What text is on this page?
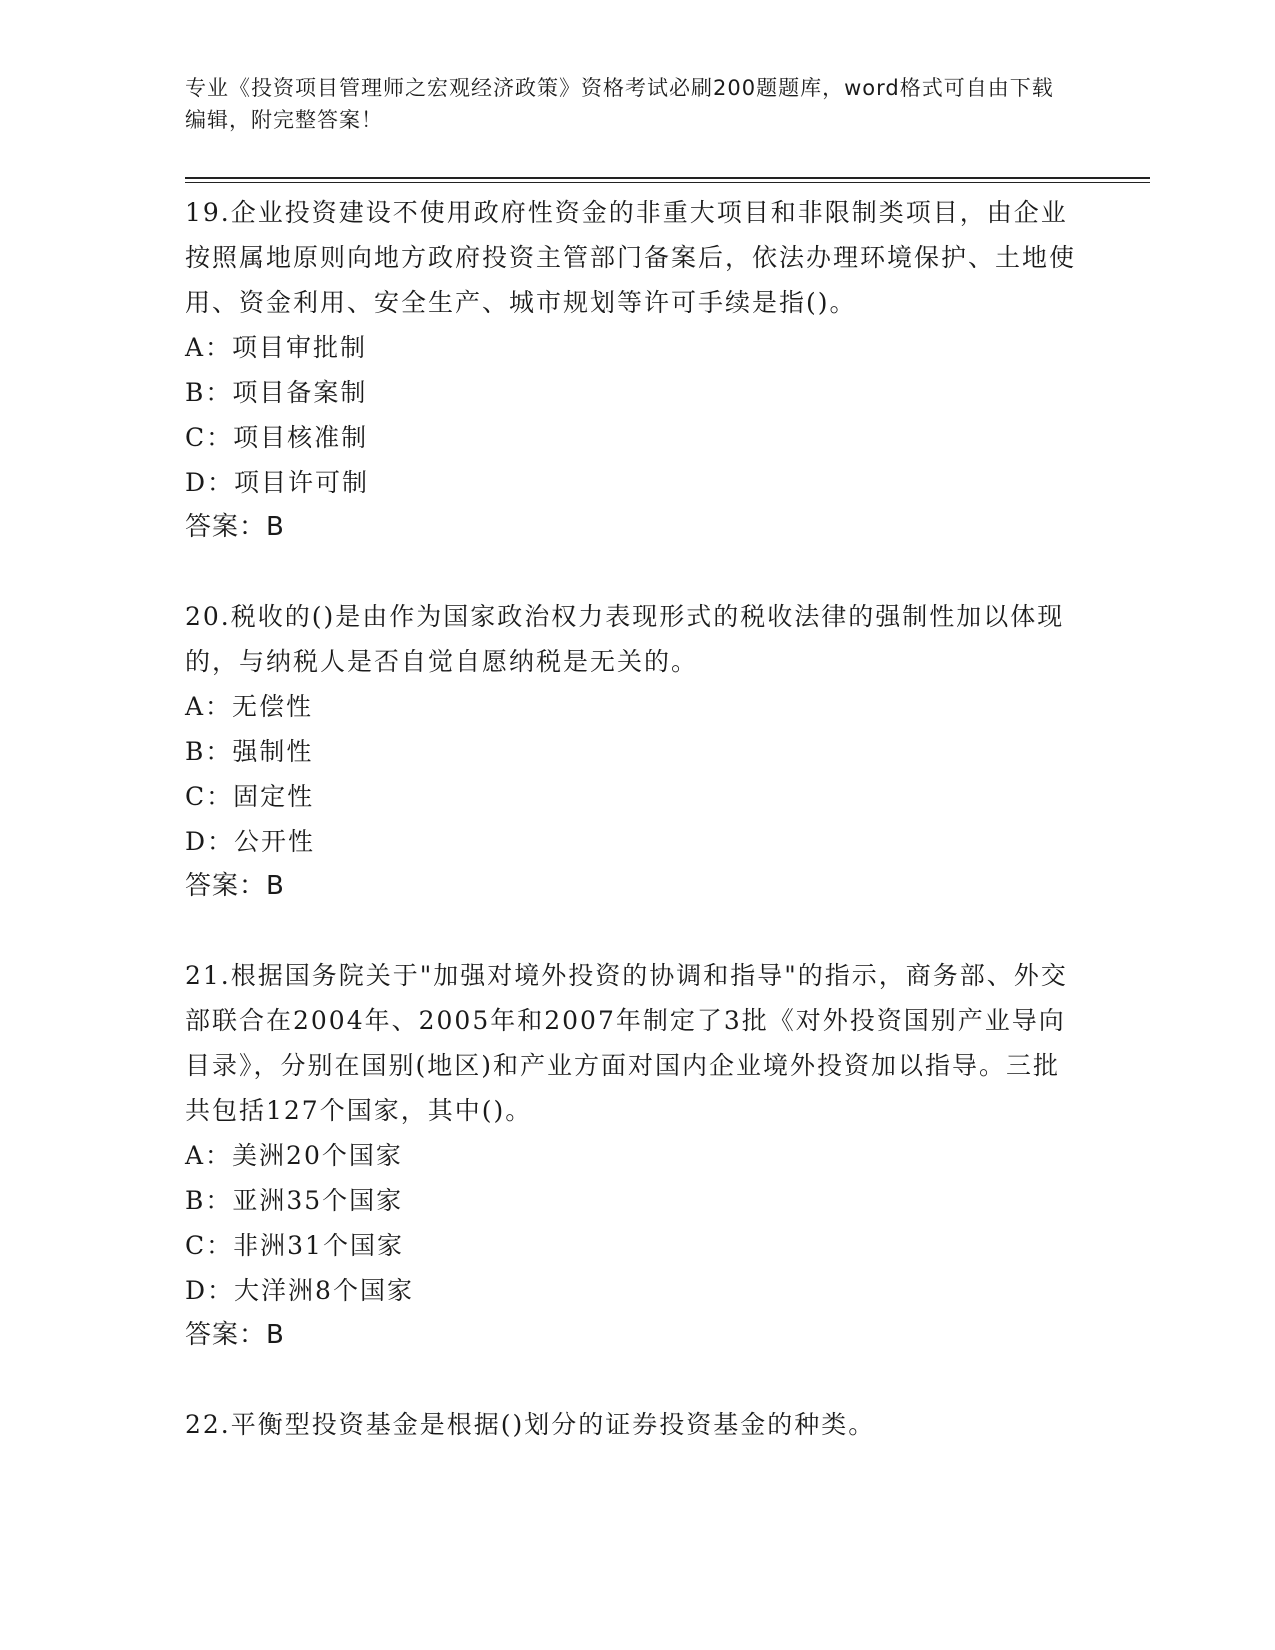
专业《投资项目管理师之宏观经济政策》资格考试必刷200题题库，word格式可自由下载编辑，附完整答案！

19.企业投资建设不使用政府性资金的非重大项目和非限制类项目，由企业按照属地原则向地方政府投资主管部门备案后，依法办理环境保护、土地使用、资金利用、安全生产、城市规划等许可手续是指()。

A：项目审批制

B：项目备案制

C：项目核准制

D：项目许可制

答案：B

20.税收的()是由作为国家政治权力表现形式的税收法律的强制性加以体现的，与纳税人是否自觉自愿纳税是无关的。

A：无偿性

B：强制性

C：固定性

D：公开性

答案：B

21.根据国务院关于"加强对境外投资的协调和指导"的指示，商务部、外交部联合在2004年、2005年和2007年制定了3批《对外投资国别产业导向目录》，分别在国别(地区)和产业方面对国内企业境外投资加以指导。三批共包括127个国家，其中()。

A：美洲20个国家

B：亚洲35个国家

C：非洲31个国家

D：大洋洲8个国家

答案：B

22.平衡型投资基金是根据()划分的证券投资基金的种类。
